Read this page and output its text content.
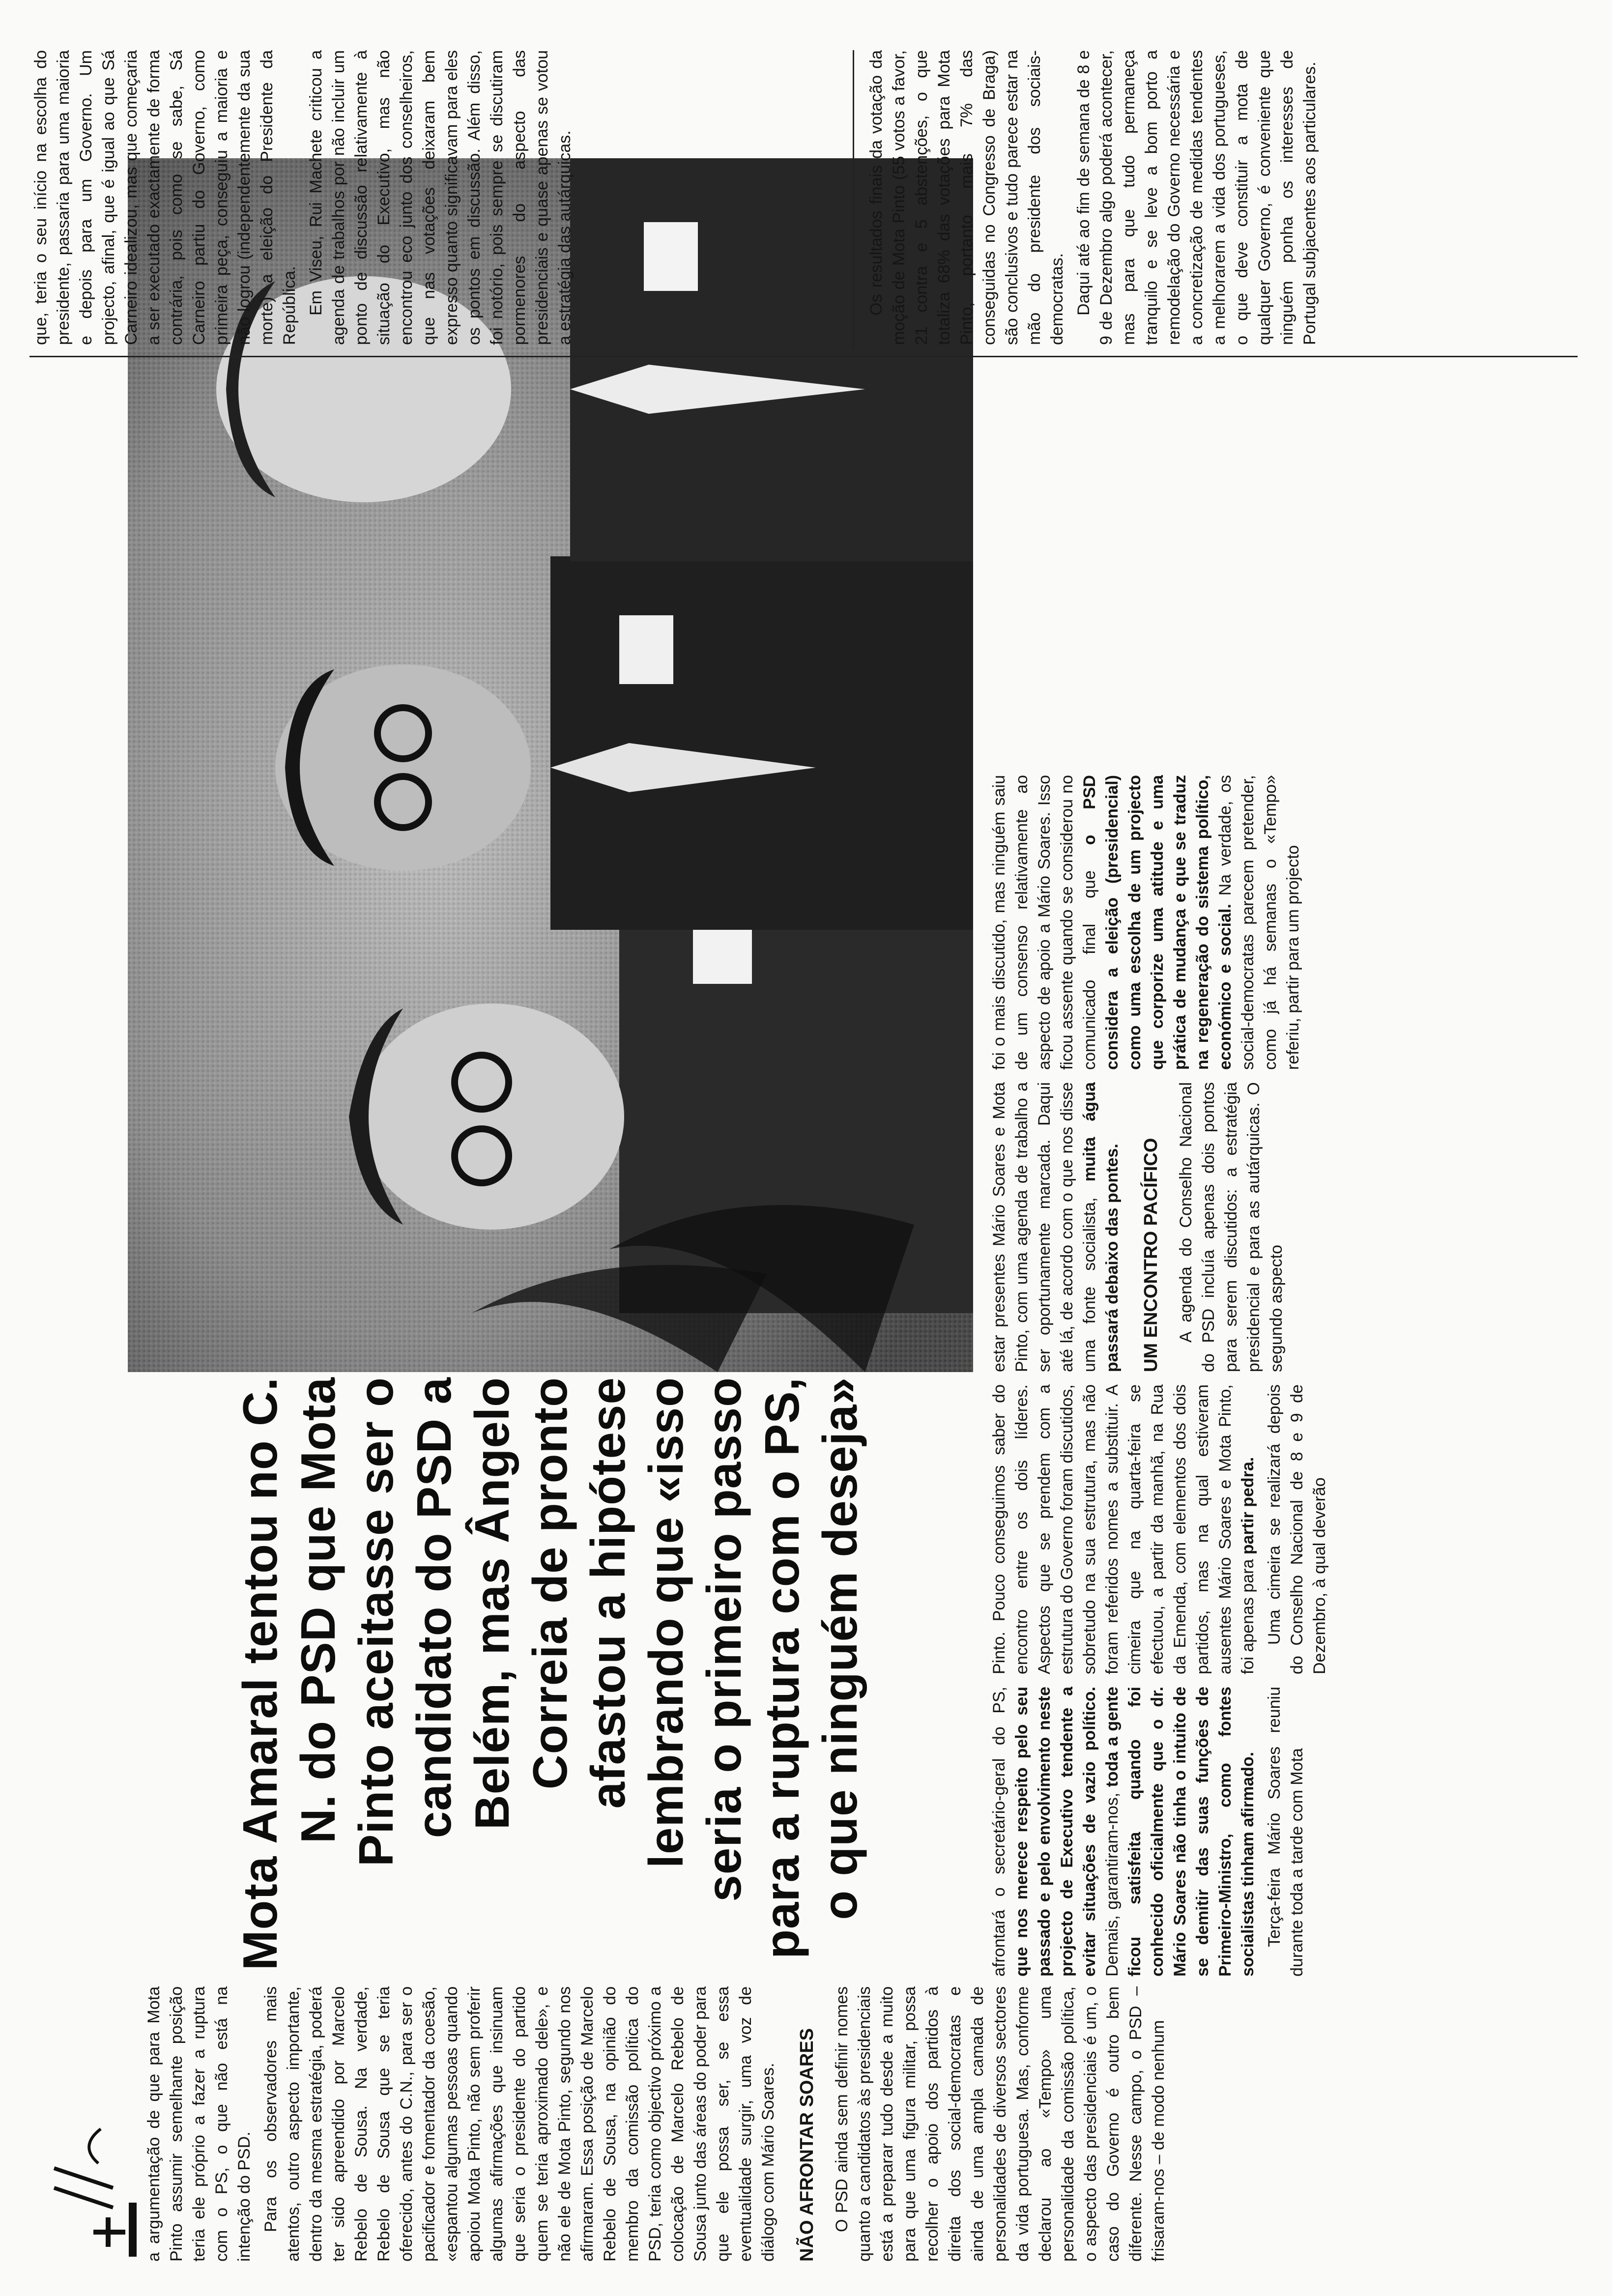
a argumentação de que para Mota Pinto assumir semelhante posição teria ele próprio a fazer a ruptura com o PS, o que não está na intenção do PSD. Para os observadores mais atentos, outro aspecto importante, dentro da mesma estratégia, poderá ter sido apreendido por Marcelo Rebelo de Sousa. Na verdade, Rebelo de Sousa que se teria oferecido, antes do C.N., para ser o pacificador e fomentador da coesão, «espantou algumas pessoas quando apoiou Mota Pinto, não sem proferir algumas afirmações que insinuam que seria o presidente do partido quem se teria aproximado dele», e não ele de Mota Pinto, segundo nos afirmaram. Essa posição de Marcelo Rebelo de Sousa, na opinião do membro da comissão política do PSD, teria como objectivo próximo a colocação de Marcelo Rebelo de Sousa junto das áreas do poder para que ele possa ser, se essa eventualidade surgir, uma voz de diálogo com Mário Soares. NÃO AFRONTAR SOARES O PSD ainda sem definir nomes quanto a candidatos às presidenciais está a preparar tudo desde a muito para que uma figura militar, possa recolher o apoio dos partidos à direita dos social-democratas e ainda de uma ampla camada de personalidades de diversos sectores da vida portuguesa. Mas, conforme declarou ao «Tempo» uma personalidade da comissão política, o aspecto das presidenciais é um, o caso do Governo é outro bem diferente. Nesse campo, o PSD – frisaram-nos – de modo nenhum

Mota Amaral tentou no C. N. do PSD que Mota Pinto aceitasse ser o candidato do PSD a Belém, mas Ângelo Correia de pronto afastou a hipótese lembrando que «isso seria o primeiro passo para a ruptura com o PS, o que ninguém deseja»	afrontará o secretário-geral do PS, que nos merece respeito pelo seu passado e pelo envolvimento neste projecto de Executivo tendente a evitar situações de vazio político. Demais, garantiram-nos, toda a gente ficou satisfeita quando foi conhecido oficialmente que o dr. Mário Soares não tinha o intuito de se demitir das suas funções de Primeiro-Ministro, como fontes socialistas tinham afirmado. Terça-feira Mário Soares reuniu durante toda a tarde com Mota

Pinto. Pouco conseguimos saber do encontro entre os dois líderes. Aspectos que se prendem com a estrutura do Governo foram discutidos, sobretudo na sua estrutura, mas não foram referidos nomes a substituir. A cimeira que na quarta-feira se efectuou, a partir da manhã, na Rua da Emenda, com elementos dos dois partidos, mas na qual estiveram ausentes Mário Soares e Mota Pinto, foi apenas para partir pedra. Uma cimeira se realizará depois do Conselho Nacional de 8 e 9 de Dezembro, à qual deverão

estar presentes Mário Soares e Mota Pinto, com uma agenda de trabalho a ser oportunamente marcada. Daqui até lá, de acordo com o que nos disse uma fonte socialista, muita água passará debaixo das pontes. UM ENCONTRO PACÍFICO A agenda do Conselho Nacional do PSD incluía apenas dois pontos para serem discutidos: a estratégia presidencial e para as autárquicas. O segundo aspecto

foi o mais discutido, mas ninguém saiu de um consenso relativamente ao aspecto de apoio a Mário Soares. Isso ficou assente quando se considerou no comunicado final que o PSD considera a eleição (presidencial) como uma escolha de um projecto que corporize uma atitude e uma prática de mudança e que se traduz na regeneração do sistema político, económico e social. Na verdade, os social-democratas parecem pretender, como já há semanas o «Tempo» referiu, partir para um projecto

que, teria o seu início na escolha do presidente, passaria para uma maioria e depois para um Governo. Um projecto, afinal, que é igual ao que Sá Carneiro idealizou, mas que começaria a ser executado exactamente de forma contrária, pois como se sabe, Sá Carneiro partiu do Governo, como primeira peça, conseguiu a maioria e não logrou (independentemente da sua morte) a eleição do Presidente da República. Em Viseu, Rui Machete criticou a agenda de trabalhos por não incluir um ponto de discussão relativamente à situação do Executivo, mas não encontrou eco junto dos conselheiros, que nas votações deixaram bem expresso quanto significavam para eles os pontos em discussão. Além disso, foi notório, pois sempre se discutiram pormenores do aspecto das presidenciais e quase apenas se votou a estratégia das autárquicas.	Os resultados finais da votação da moção de Mota Pinto (55 votos a favor, 21 contra e 5 abstenções, o que totaliza 68% das votações para Mota Pinto, portanto mais 7% das conseguidas no Congresso de Braga) são conclusivos e tudo parece estar na mão do presidente dos sociais-democratas. Daqui até ao fim de semana de 8 e 9 de Dezembro algo poderá acontecer, mas para que tudo permaneça tranquilo e se leve a bom porto a remodelação do Governo necessária e a concretização de medidas tendentes a melhorarem a vida dos portugueses, o que deve constituir a mota de qualquer Governo, é conveniente que ninguém ponha os interesses de Portugal subjacentes aos particulares.
